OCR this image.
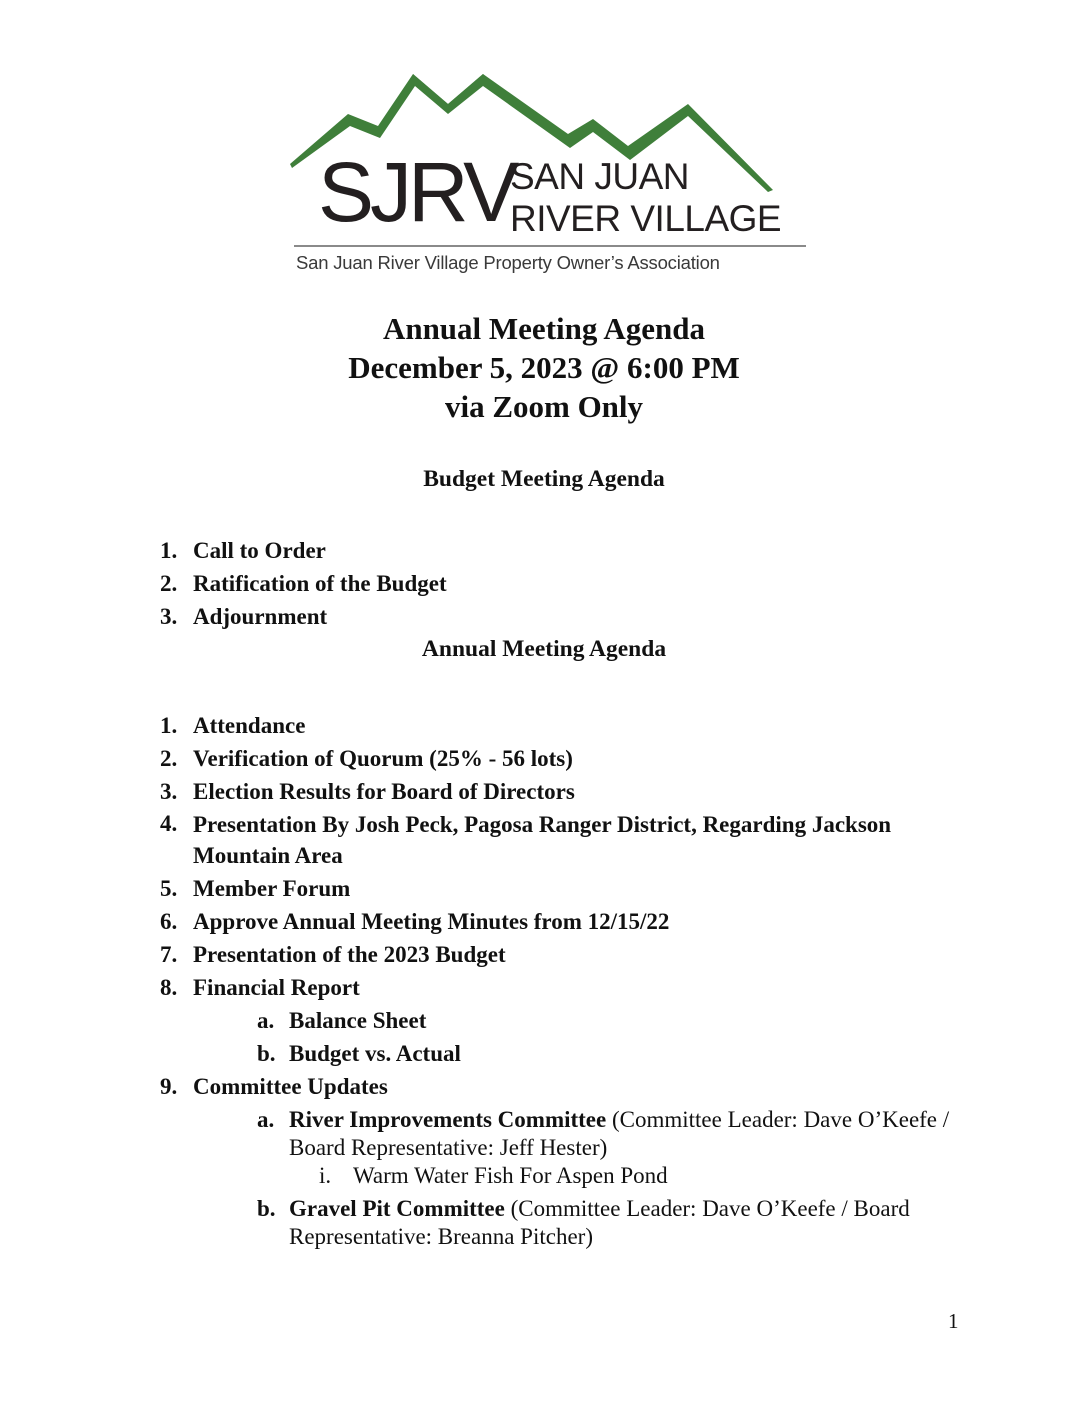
SJRV
SAN JUAN
RIVER VILLAGE
San Juan River Village Property Owner’s Association
Annual Meeting Agenda
December 5, 2023 @ 6:00 PM
via Zoom Only
Budget Meeting Agenda
1. Call to Order
2. Ratification of the Budget
3. Adjournment
Annual Meeting Agenda
1. Attendance
2. Verification of Quorum (25% - 56 lots)
3. Election Results for Board of Directors
4. Presentation By Josh Peck, Pagosa Ranger District, Regarding Jackson Mountain Area
5. Member Forum
6. Approve Annual Meeting Minutes from 12/15/22
7. Presentation of the 2023 Budget
8. Financial Report
a. Balance Sheet
b. Budget vs. Actual
9. Committee Updates
a. River Improvements Committee (Committee Leader: Dave O’Keefe / Board Representative: Jeff Hester)
i. Warm Water Fish For Aspen Pond
b. Gravel Pit Committee (Committee Leader: Dave O’Keefe / Board Representative: Breanna Pitcher)
1
